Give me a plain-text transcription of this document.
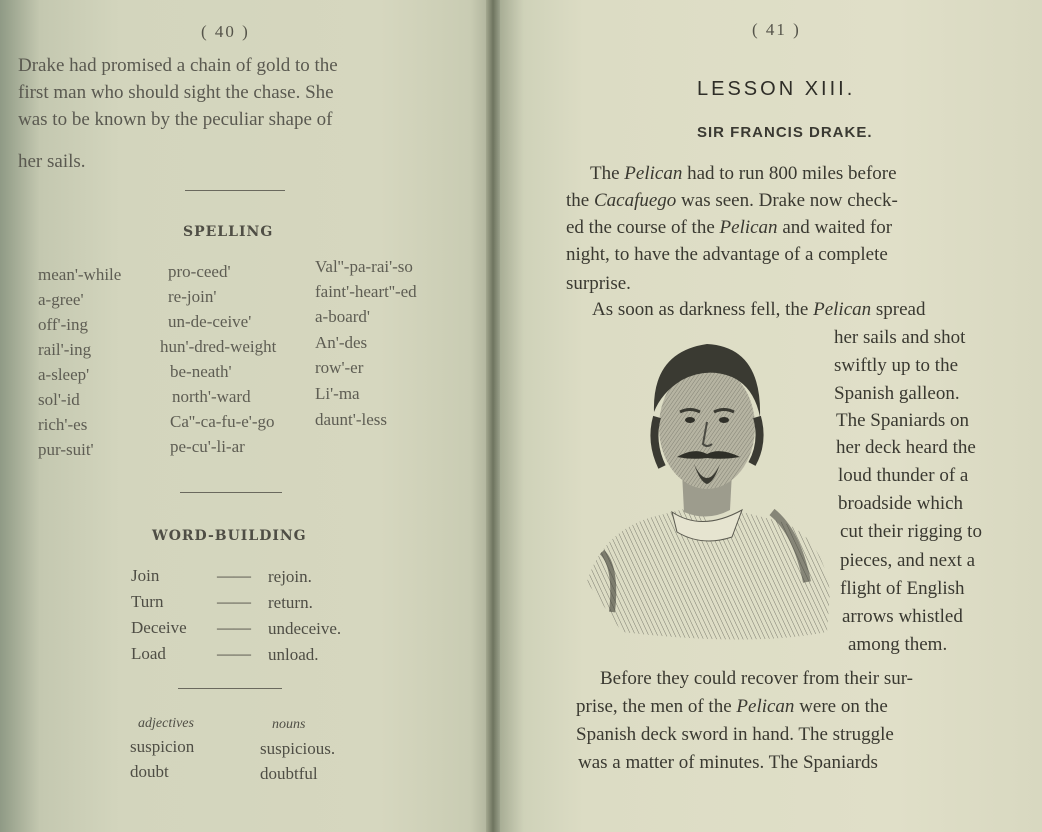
( 40 )

Drake had promised a chain of gold to the

first man who should sight the chase. She

was to be known by the peculiar shape of

her sails.

SPELLING

mean'-while

a-gree'

off'-ing

rail'-ing

a-sleep'

sol'-id

rich'-es

pur-suit'

pro-ceed'

re-join'

un-de-ceive'

hun'-dred-weight

be-neath'

north'-ward

Ca''-ca-fu-e'-go

pe-cu'-li-ar

Val''-pa-rai'-so

faint'-heart''-ed

a-board'

An'-des

row'-er

Li'-ma

daunt'-less

WORD-BUILDING

Join	—— rejoin.

Turn	—— return.

Deceive —— undeceive.

Load	—— unload.

adjectives	nouns

suspicion	suspicious.

doubt	doubtful

( 41 )

LESSON XIII.

SIR FRANCIS DRAKE.

The Pelican had to run 800 miles before

the Cacafuego was seen. Drake now check-

ed the course of the Pelican and waited for

night, to have the advantage of a complete

surprise.

As soon as darkness fell, the Pelican spread

her sails and shot

swiftly up to the

Spanish galleon.

The Spaniards on

her deck heard the

loud thunder of a

broadside which

cut their rigging to

pieces, and next a

flight of English

arrows whistled

among them.

Before they could recover from their sur-

prise, the men of the Pelican were on the

Spanish deck sword in hand. The struggle

was a matter of minutes. The Spaniards
